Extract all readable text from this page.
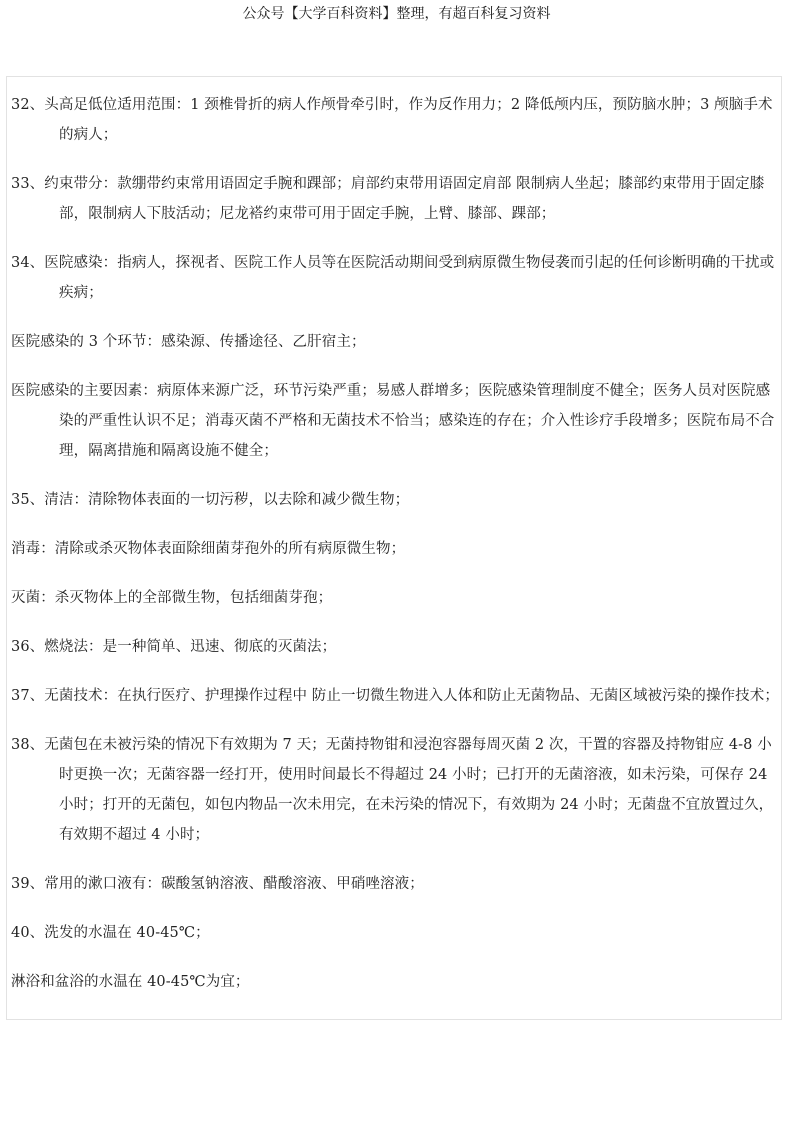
公众号【大学百科资料】整理，有超百科复习资料

32、头高足低位适用范围：1 颈椎骨折的病人作颅骨牵引时，作为反作用力；2 降低颅内压，预防脑水肿；3 颅脑手术的病人；

33、约束带分：款绷带约束常用语固定手腕和踝部；肩部约束带用语固定肩部 限制病人坐起；膝部约束带用于固定膝部，限制病人下肢活动；尼龙褡约束带可用于固定手腕，上臂、膝部、踝部；

34、医院感染：指病人，探视者、医院工作人员等在医院活动期间受到病原微生物侵袭而引起的任何诊断明确的干扰或疾病；

医院感染的 3 个环节：感染源、传播途径、乙肝宿主；

医院感染的主要因素：病原体来源广泛，环节污染严重；易感人群增多；医院感染管理制度不健全；医务人员对医院感染的严重性认识不足；消毒灭菌不严格和无菌技术不恰当；感染连的存在；介入性诊疗手段增多；医院布局不合理，隔离措施和隔离设施不健全；

35、清洁：清除物体表面的一切污秽，以去除和减少微生物；

消毒：清除或杀灭物体表面除细菌芽孢外的所有病原微生物；

灭菌：杀灭物体上的全部微生物，包括细菌芽孢；

36、燃烧法：是一种简单、迅速、彻底的灭菌法；

37、无菌技术：在执行医疗、护理操作过程中 防止一切微生物进入人体和防止无菌物品、无菌区域被污染的操作技术；

38、无菌包在未被污染的情况下有效期为 7 天；无菌持物钳和浸泡容器每周灭菌 2 次，干置的容器及持物钳应 4-8 小时更换一次；无菌容器一经打开，使用时间最长不得超过 24 小时；已打开的无菌溶液，如未污染，可保存 24 小时；打开的无菌包，如包内物品一次未用完，在未污染的情况下，有效期为 24 小时；无菌盘不宜放置过久，有效期不超过 4 小时；

39、常用的漱口液有：碳酸氢钠溶液、醋酸溶液、甲硝唑溶液；

40、洗发的水温在 40-45℃；

淋浴和盆浴的水温在 40-45℃为宜；
